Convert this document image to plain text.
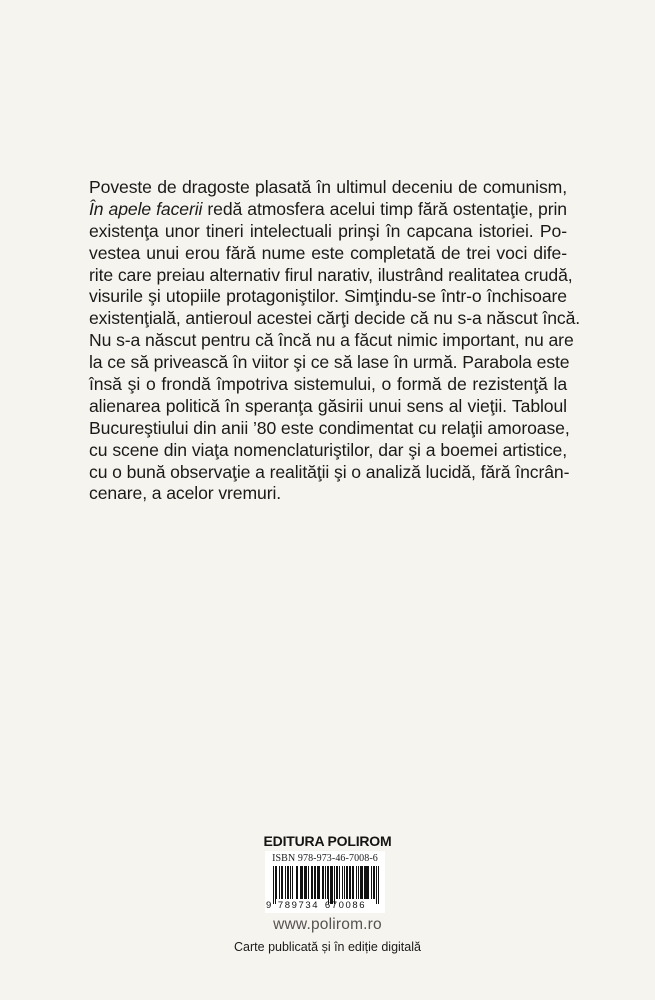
Poveste de dragoste plasată în ultimul deceniu de comunism,
În apele facerii redă atmosfera acelui timp fără ostentaţie, prin
existenţa unor tineri intelectuali prinşi în capcana istoriei. Po-
vestea unui erou fără nume este completată de trei voci dife-
rite care preiau alternativ firul narativ, ilustrând realitatea crudă,
visurile şi utopiile protagoniştilor. Simţindu-se într-o închisoare
existenţială, antieroul acestei cărţi decide că nu s-a născut încă.
Nu s-a născut pentru că încă nu a făcut nimic important, nu are
la ce să privească în viitor şi ce să lase în urmă. Parabola este
însă şi o frondă împotriva sistemului, o formă de rezistenţă la
alienarea politică în speranţa găsirii unui sens al vieţii. Tabloul
Bucureştiului din anii ’80 este condimentat cu relaţii amoroase,
cu scene din viaţa nomenclaturiştilor, dar şi a boemei artistice,
cu o bună observaţie a realităţii şi o analiză lucidă, fără încrân-
cenare, a acelor vremuri.
EDITURA POLIROM
ISBN 978-973-46-7008-6
9 789734 670086
www.polirom.ro
Carte publicată și în ediție digitală
